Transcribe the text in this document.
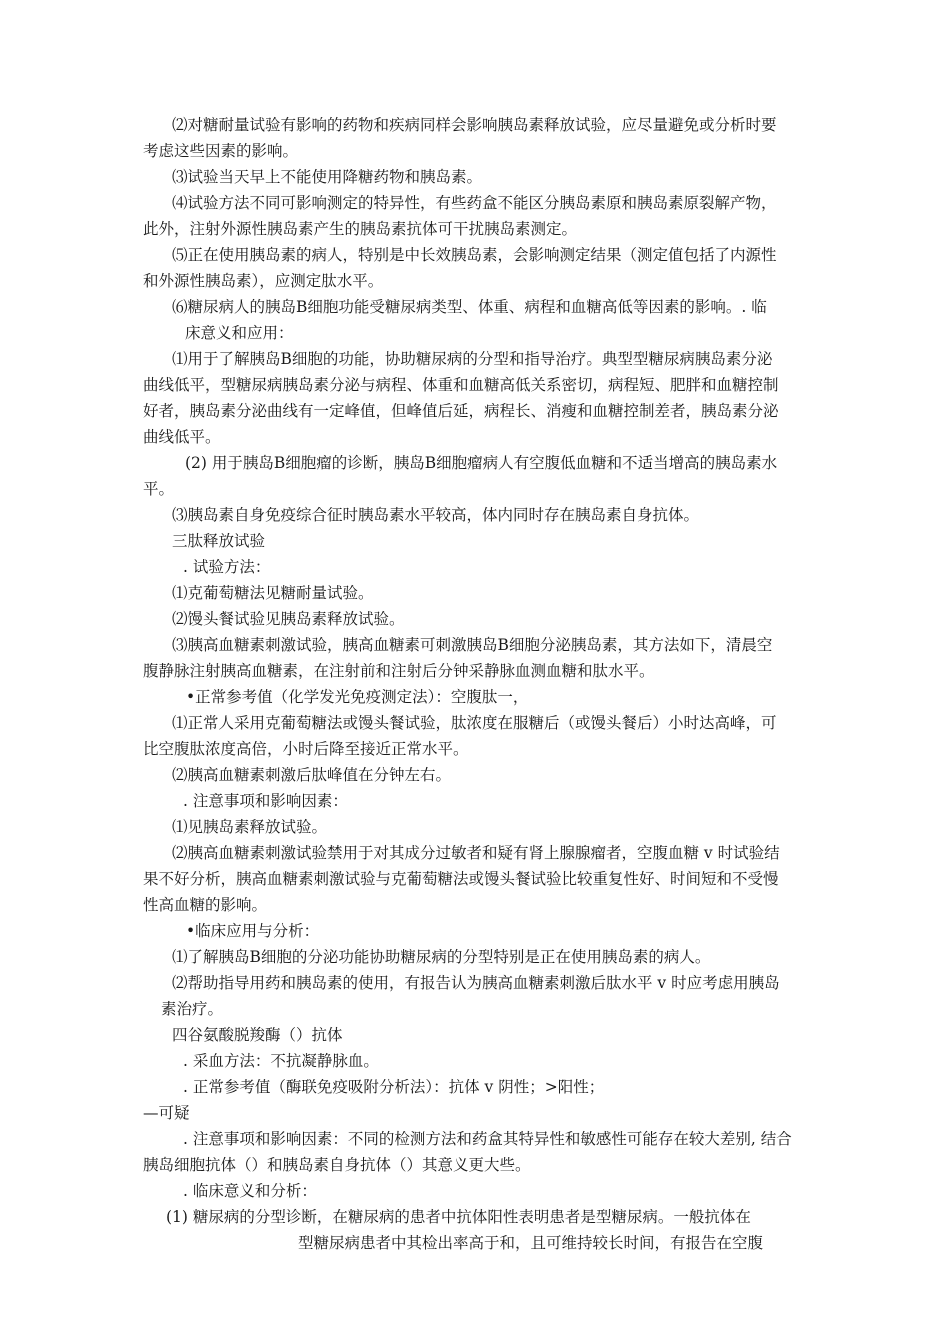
⑵对糖耐量试验有影响的药物和疾病同样会影响胰岛素释放试验，应尽量避免或分析时要
考虑这些因素的影响。
⑶试验当天早上不能使用降糖药物和胰岛素。
⑷试验方法不同可影响测定的特异性，有些药盒不能区分胰岛素原和胰岛素原裂解产物，
此外，注射外源性胰岛素产生的胰岛素抗体可干扰胰岛素测定。
⑸正在使用胰岛素的病人，特别是中长效胰岛素，会影响测定结果（测定值包括了内源性
和外源性胰岛素），应测定肽水平。
⑹糖尿病人的胰岛B细胞功能受糖尿病类型、体重、病程和血糖高低等因素的影响。. 临
床意义和应用：
⑴用于了解胰岛B细胞的功能，协助糖尿病的分型和指导治疗。典型型糖尿病胰岛素分泌
曲线低平，型糖尿病胰岛素分泌与病程、体重和血糖高低关系密切，病程短、肥胖和血糖控制
好者，胰岛素分泌曲线有一定峰值，但峰值后延，病程长、消瘦和血糖控制差者，胰岛素分泌
曲线低平。
(2) 用于胰岛B细胞瘤的诊断，胰岛B细胞瘤病人有空腹低血糖和不适当增高的胰岛素水
平。
⑶胰岛素自身免疫综合征时胰岛素水平较高，体内同时存在胰岛素自身抗体。
三肽释放试验
. 试验方法：
⑴克葡萄糖法见糖耐量试验。
⑵馒头餐试验见胰岛素释放试验。
⑶胰高血糖素刺激试验，胰高血糖素可刺激胰岛B细胞分泌胰岛素，其方法如下，清晨空
腹静脉注射胰高血糖素，在注射前和注射后分钟采静脉血测血糖和肽水平。
•正常参考值（化学发光免疫测定法）：空腹肽一，
⑴正常人采用克葡萄糖法或馒头餐试验，肽浓度在服糖后（或馒头餐后）小时达高峰，可
比空腹肽浓度高倍，小时后降至接近正常水平。
⑵胰高血糖素刺激后肽峰值在分钟左右。
. 注意事项和影响因素：
⑴见胰岛素释放试验。
⑵胰高血糖素刺激试验禁用于对其成分过敏者和疑有肾上腺腺瘤者，空腹血糖 v 时试验结
果不好分析，胰高血糖素刺激试验与克葡萄糖法或馒头餐试验比较重复性好、时间短和不受慢
性高血糖的影响。
•临床应用与分析：
⑴了解胰岛B细胞的分泌功能协助糖尿病的分型特别是正在使用胰岛素的病人。
⑵帮助指导用药和胰岛素的使用，有报告认为胰高血糖素刺激后肽水平 v 时应考虑用胰岛
素治疗。
四谷氨酸脱羧酶（）抗体
. 采血方法：不抗凝静脉血。
. 正常参考值（酶联免疫吸附分析法）：抗体 v 阴性；>阳性；
—可疑
. 注意事项和影响因素：不同的检测方法和药盒其特异性和敏感性可能存在较大差别, 结合
胰岛细胞抗体（）和胰岛素自身抗体（）其意义更大些。
. 临床意义和分析：
(1) 糖尿病的分型诊断，在糖尿病的患者中抗体阳性表明患者是型糖尿病。一般抗体在
型糖尿病患者中其检出率高于和，且可维持较长时间，有报告在空腹
